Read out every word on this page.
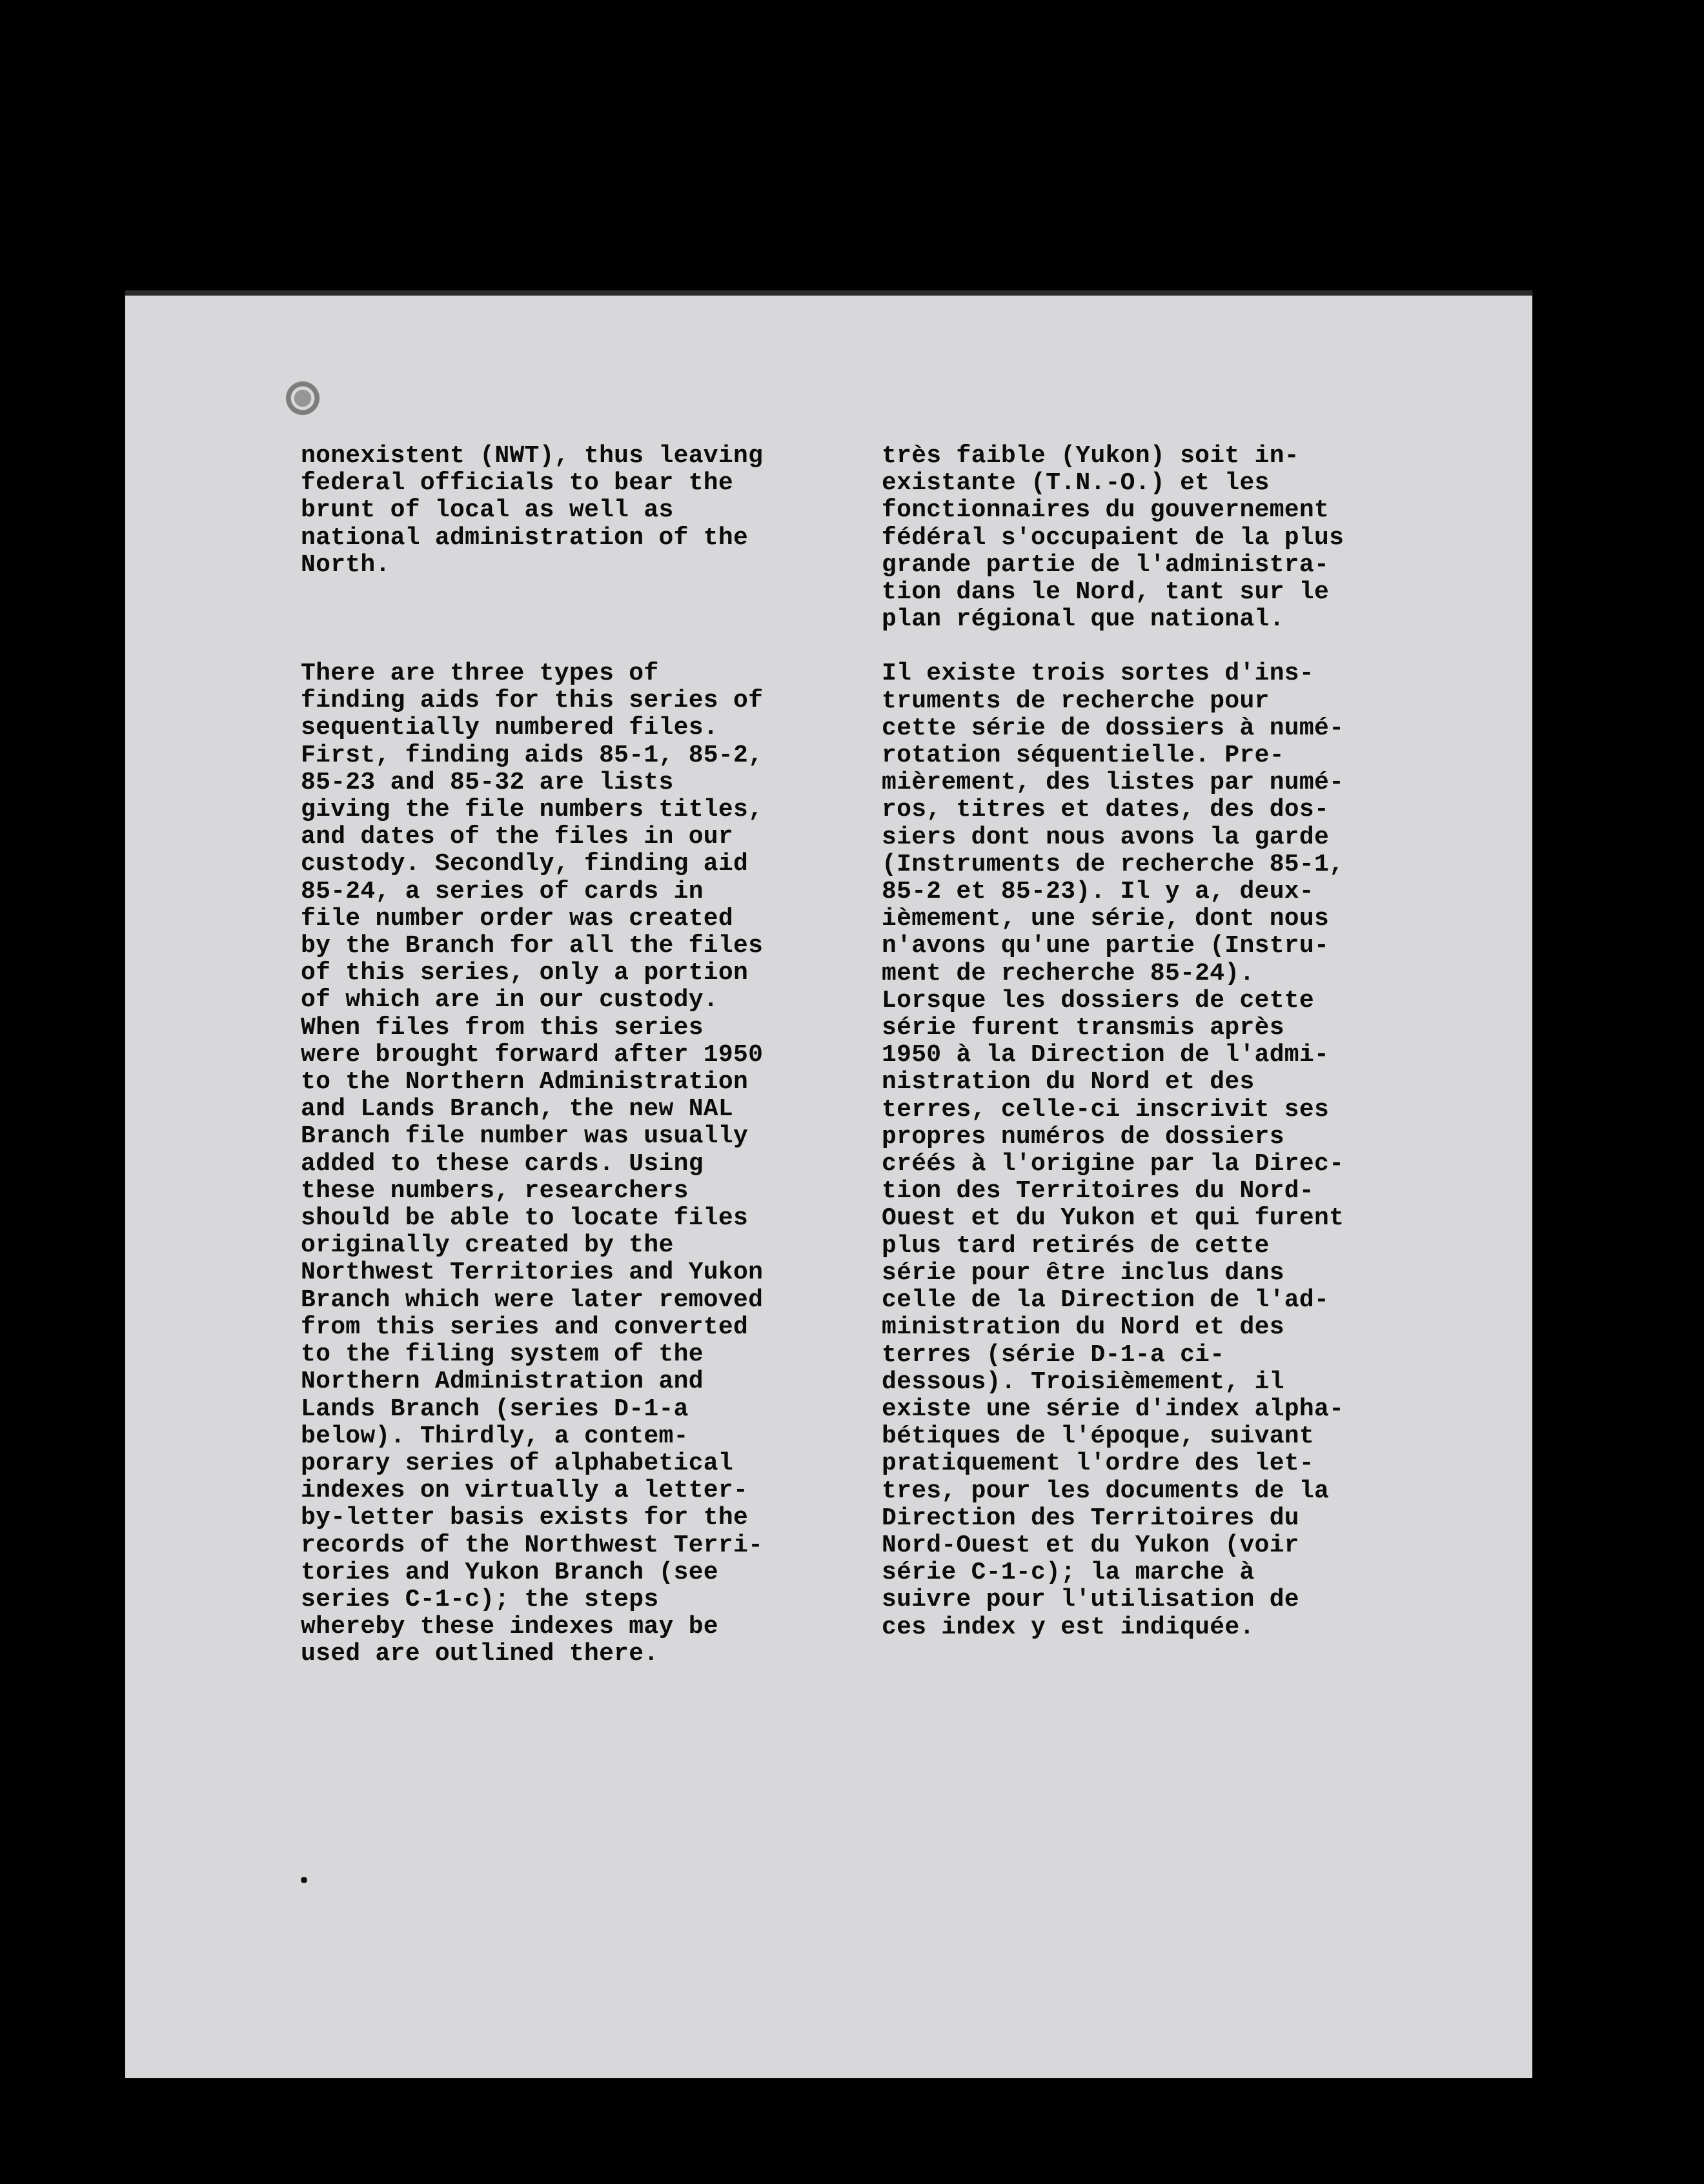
nonexistent (NWT), thus leaving
federal officials to bear the
brunt of local as well as
national administration of the
North.

There are three types of
finding aids for this series of
sequentially numbered files.
First, finding aids 85-1, 85-2,
85-23 and 85-32 are lists
giving the file numbers titles,
and dates of the files in our
custody. Secondly, finding aid
85-24, a series of cards in
file number order was created
by the Branch for all the files
of this series, only a portion
of which are in our custody.
When files from this series
were brought forward after 1950
to the Northern Administration
and Lands Branch, the new NAL
Branch file number was usually
added to these cards. Using
these numbers, researchers
should be able to locate files
originally created by the
Northwest Territories and Yukon
Branch which were later removed
from this series and converted
to the filing system of the
Northern Administration and
Lands Branch (series D-1-a
below). Thirdly, a contem-
porary series of alphabetical
indexes on virtually a letter-
by-letter basis exists for the
records of the Northwest Terri-
tories and Yukon Branch (see
series C-1-c); the steps
whereby these indexes may be
used are outlined there.

très faible (Yukon) soit in-
existante (T.N.-O.) et les
fonctionnaires du gouvernement
fédéral s'occupaient de la plus
grande partie de l'administra-
tion dans le Nord, tant sur le
plan régional que national.

Il existe trois sortes d'ins-
truments de recherche pour
cette série de dossiers à numé-
rotation séquentielle. Pre-
mièrement, des listes par numé-
ros, titres et dates, des dos-
siers dont nous avons la garde
(Instruments de recherche 85-1,
85-2 et 85-23). Il y a, deux-
ièmement, une série, dont nous
n'avons qu'une partie (Instru-
ment de recherche 85-24).
Lorsque les dossiers de cette
série furent transmis après
1950 à la Direction de l'admi-
nistration du Nord et des
terres, celle-ci inscrivit ses
propres numéros de dossiers
créés à l'origine par la Direc-
tion des Territoires du Nord-
Ouest et du Yukon et qui furent
plus tard retirés de cette
série pour être inclus dans
celle de la Direction de l'ad-
ministration du Nord et des
terres (série D-1-a ci-
dessous). Troisièmement, il
existe une série d'index alpha-
bétiques de l'époque, suivant
pratiquement l'ordre des let-
tres, pour les documents de la
Direction des Territoires du
Nord-Ouest et du Yukon (voir
série C-1-c); la marche à
suivre pour l'utilisation de
ces index y est indiquée.
